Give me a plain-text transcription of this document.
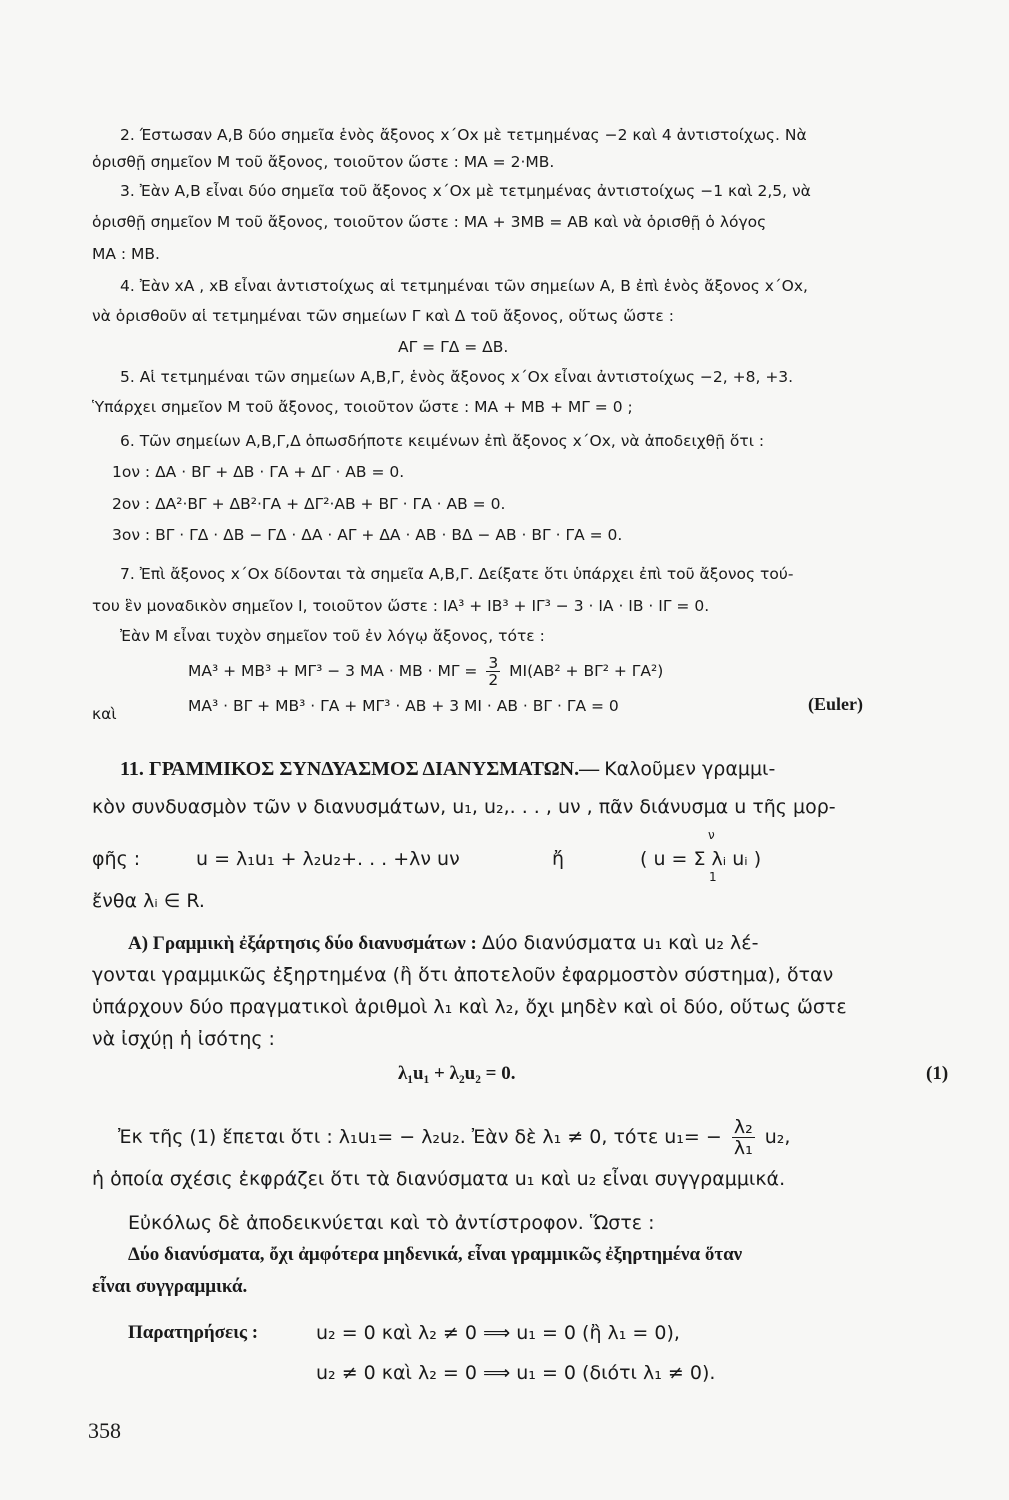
2. Έστωσαν Α,Β δύο σημεῖα ἑνὸς ἄξονος x΄Ox μὲ τετμημένας −2 καὶ 4 ἀντιστοίχως. Νὰ
ὁρισθῇ σημεῖον Μ τοῦ ἄξονος, τοιοῦτον ὥστε : ΜΑ = 2·ΜΒ.
3. Ἐὰν Α,Β εἶναι δύο σημεῖα τοῦ ἄξονος x΄Ox μὲ τετμημένας ἀντιστοίχως −1 καὶ 2,5, νὰ
ὁρισθῇ σημεῖον Μ τοῦ ἄξονος, τοιοῦτον ὥστε : ΜΑ + 3ΜΒ = ΑΒ καὶ νὰ ὁρισθῇ ὁ λόγος
ΜΑ : ΜΒ.
4. Ἐὰν xΑ , xΒ εἶναι ἀντιστοίχως αἱ τετμημέναι τῶν σημείων Α, Β ἐπὶ ἑνὸς ἄξονος x΄Ox,
νὰ ὁρισθοῦν αἱ τετμημέναι τῶν σημείων Γ καὶ Δ τοῦ ἄξονος, οὕτως ὥστε :
ΑΓ = ΓΔ = ΔΒ.
5. Αἱ τετμημέναι τῶν σημείων Α,Β,Γ, ἑνὸς ἄξονος x΄Ox εἶναι ἀντιστοίχως −2, +8, +3.
Ὑπάρχει σημεῖον Μ τοῦ ἄξονος, τοιοῦτον ὥστε : ΜΑ + ΜΒ + ΜΓ = 0 ;
6. Τῶν σημείων Α,Β,Γ,Δ ὁπωσδήποτε κειμένων ἐπὶ ἄξονος x΄Ox, νὰ ἀποδειχθῇ ὅτι :
1ον : ΔΑ · ΒΓ + ΔΒ · ΓΑ + ΔΓ · ΑΒ = 0.
2ον : ΔΑ²·ΒΓ + ΔΒ²·ΓΑ + ΔΓ²·ΑΒ + ΒΓ · ΓΑ · ΑΒ = 0.
3ον : ΒΓ · ΓΔ · ΔΒ − ΓΔ · ΔΑ · ΑΓ + ΔΑ · ΑΒ · ΒΔ − ΑΒ · ΒΓ · ΓΑ = 0.
7. Ἐπὶ ἄξονος x΄Ox δίδονται τὰ σημεῖα Α,Β,Γ. Δείξατε ὅτι ὑπάρχει ἐπὶ τοῦ ἄξονος τού-
του ἓν μοναδικὸν σημεῖον Ι, τοιοῦτον ὥστε : ΙΑ³ + ΙΒ³ + ΙΓ³ − 3 · ΙΑ · ΙΒ · ΙΓ = 0.
Ἐὰν Μ εἶναι τυχὸν σημεῖον τοῦ ἐν λόγῳ ἄξονος, τότε :
ΜΑ³ + ΜΒ³ + ΜΓ³ − 3 $MA \cdot MB \cdot M\Gamma = \frac{3}{2} MI(AB^2 + B\Gamma^2 + \Gamma A^2)$
καὶ	ΜΑ³ · ΒΓ + ΜΒ³ · ΓΑ + ΜΓ³ · ΑΒ + 3 ΜΙ · ΑΒ · ΒΓ · ΓΑ = 0	(Euler)
11. ΓΡΑΜΜΙΚΟΣ ΣΥΝΔΥΑΣΜΟΣ ΔΙΑΝΥΣΜΑΤΩΝ.— Καλοῦμεν γραμμι-
κὸν συνδυασμὸν τῶν ν διανυσμάτων, u₁, u₂,. . . , uν , πᾶν διάνυσμα u τῆς μορ-
φῆς :	u = λ₁u₁ + λ₂u₂+. . . +λν uν	ἤ	( u = Σ λᵢ uᵢ )
ν
1
ἔνθα λᵢ ∈ R.
Α) Γραμμικὴ ἐξάρτησις δύο διανυσμάτων : Δύο διανύσματα u₁ καὶ u₂ λέ-
γονται γραμμικῶς ἐξηρτημένα (ἢ ὅτι ἀποτελοῦν ἐφαρμοστὸν σύστημα), ὅταν
ὑπάρχουν δύο πραγματικοὶ ἀριθμοὶ λ₁ καὶ λ₂, ὄχι μηδὲν καὶ οἱ δύο, οὕτως ὥστε
νὰ ἰσχύῃ ἡ ἰσότης :
λ₁u₁ + λ₂u₂ = 0.	(1)
Ἐκ τῆς (1) ἕπεται ὅτι : λ₁u₁= − λ₂u₂. Ἐὰν δὲ λ₁ ≠ 0, τότε $u_1= - \frac{\text{λ₂}}{\text{λ₁}} u_2$,
ἡ ὁποία σχέσις ἐκφράζει ὅτι τὰ διανύσματα u₁ καὶ u₂ εἶναι συγγραμμικά.
Εὐκόλως δὲ ἀποδεικνύεται καὶ τὸ ἀντίστροφον. Ὥστε :
Δύο διανύσματα, ὄχι ἀμφότερα μηδενικά, εἶναι γραμμικῶς ἐξηρτημένα ὅταν
εἶναι συγγραμμικά.
Παρατηρήσεις :	u₂ = 0 καὶ λ₂ ≠ 0 ⟹ u₁ = 0 (ἢ λ₁ = 0),
u₂ ≠ 0 καὶ λ₂ = 0 ⟹ u₁ = 0 (διότι λ₁ ≠ 0).
358
